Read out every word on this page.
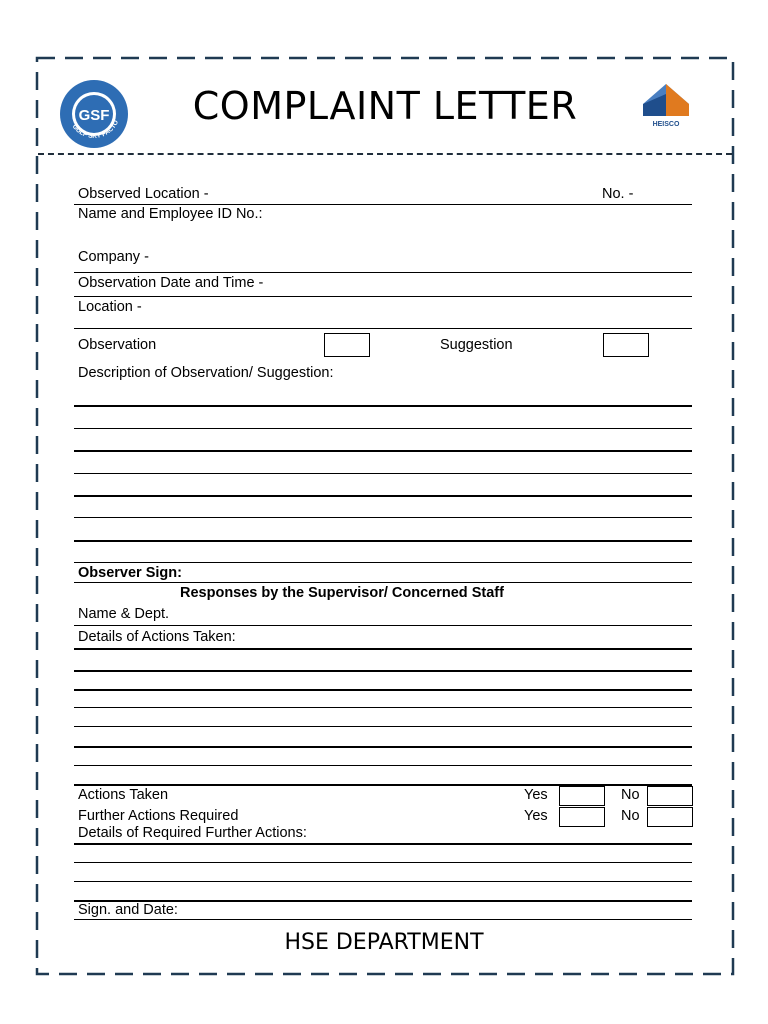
GSF
GULF SKY FACTO	COMPLAINT LETTER	HEISCO
Observed Location -	No. -
Name and Employee ID No.:
Company -
Observation Date and Time -
Location -
Observation	Suggestion
Description of Observation/ Suggestion:
Observer Sign:
Responses by the Supervisor/ Concerned Staff
Name & Dept.
Details of Actions Taken:
Actions Taken	Yes	No
Further Actions Required	Yes	No
Details of Required Further Actions:
Sign. and Date:
HSE DEPARTMENT
